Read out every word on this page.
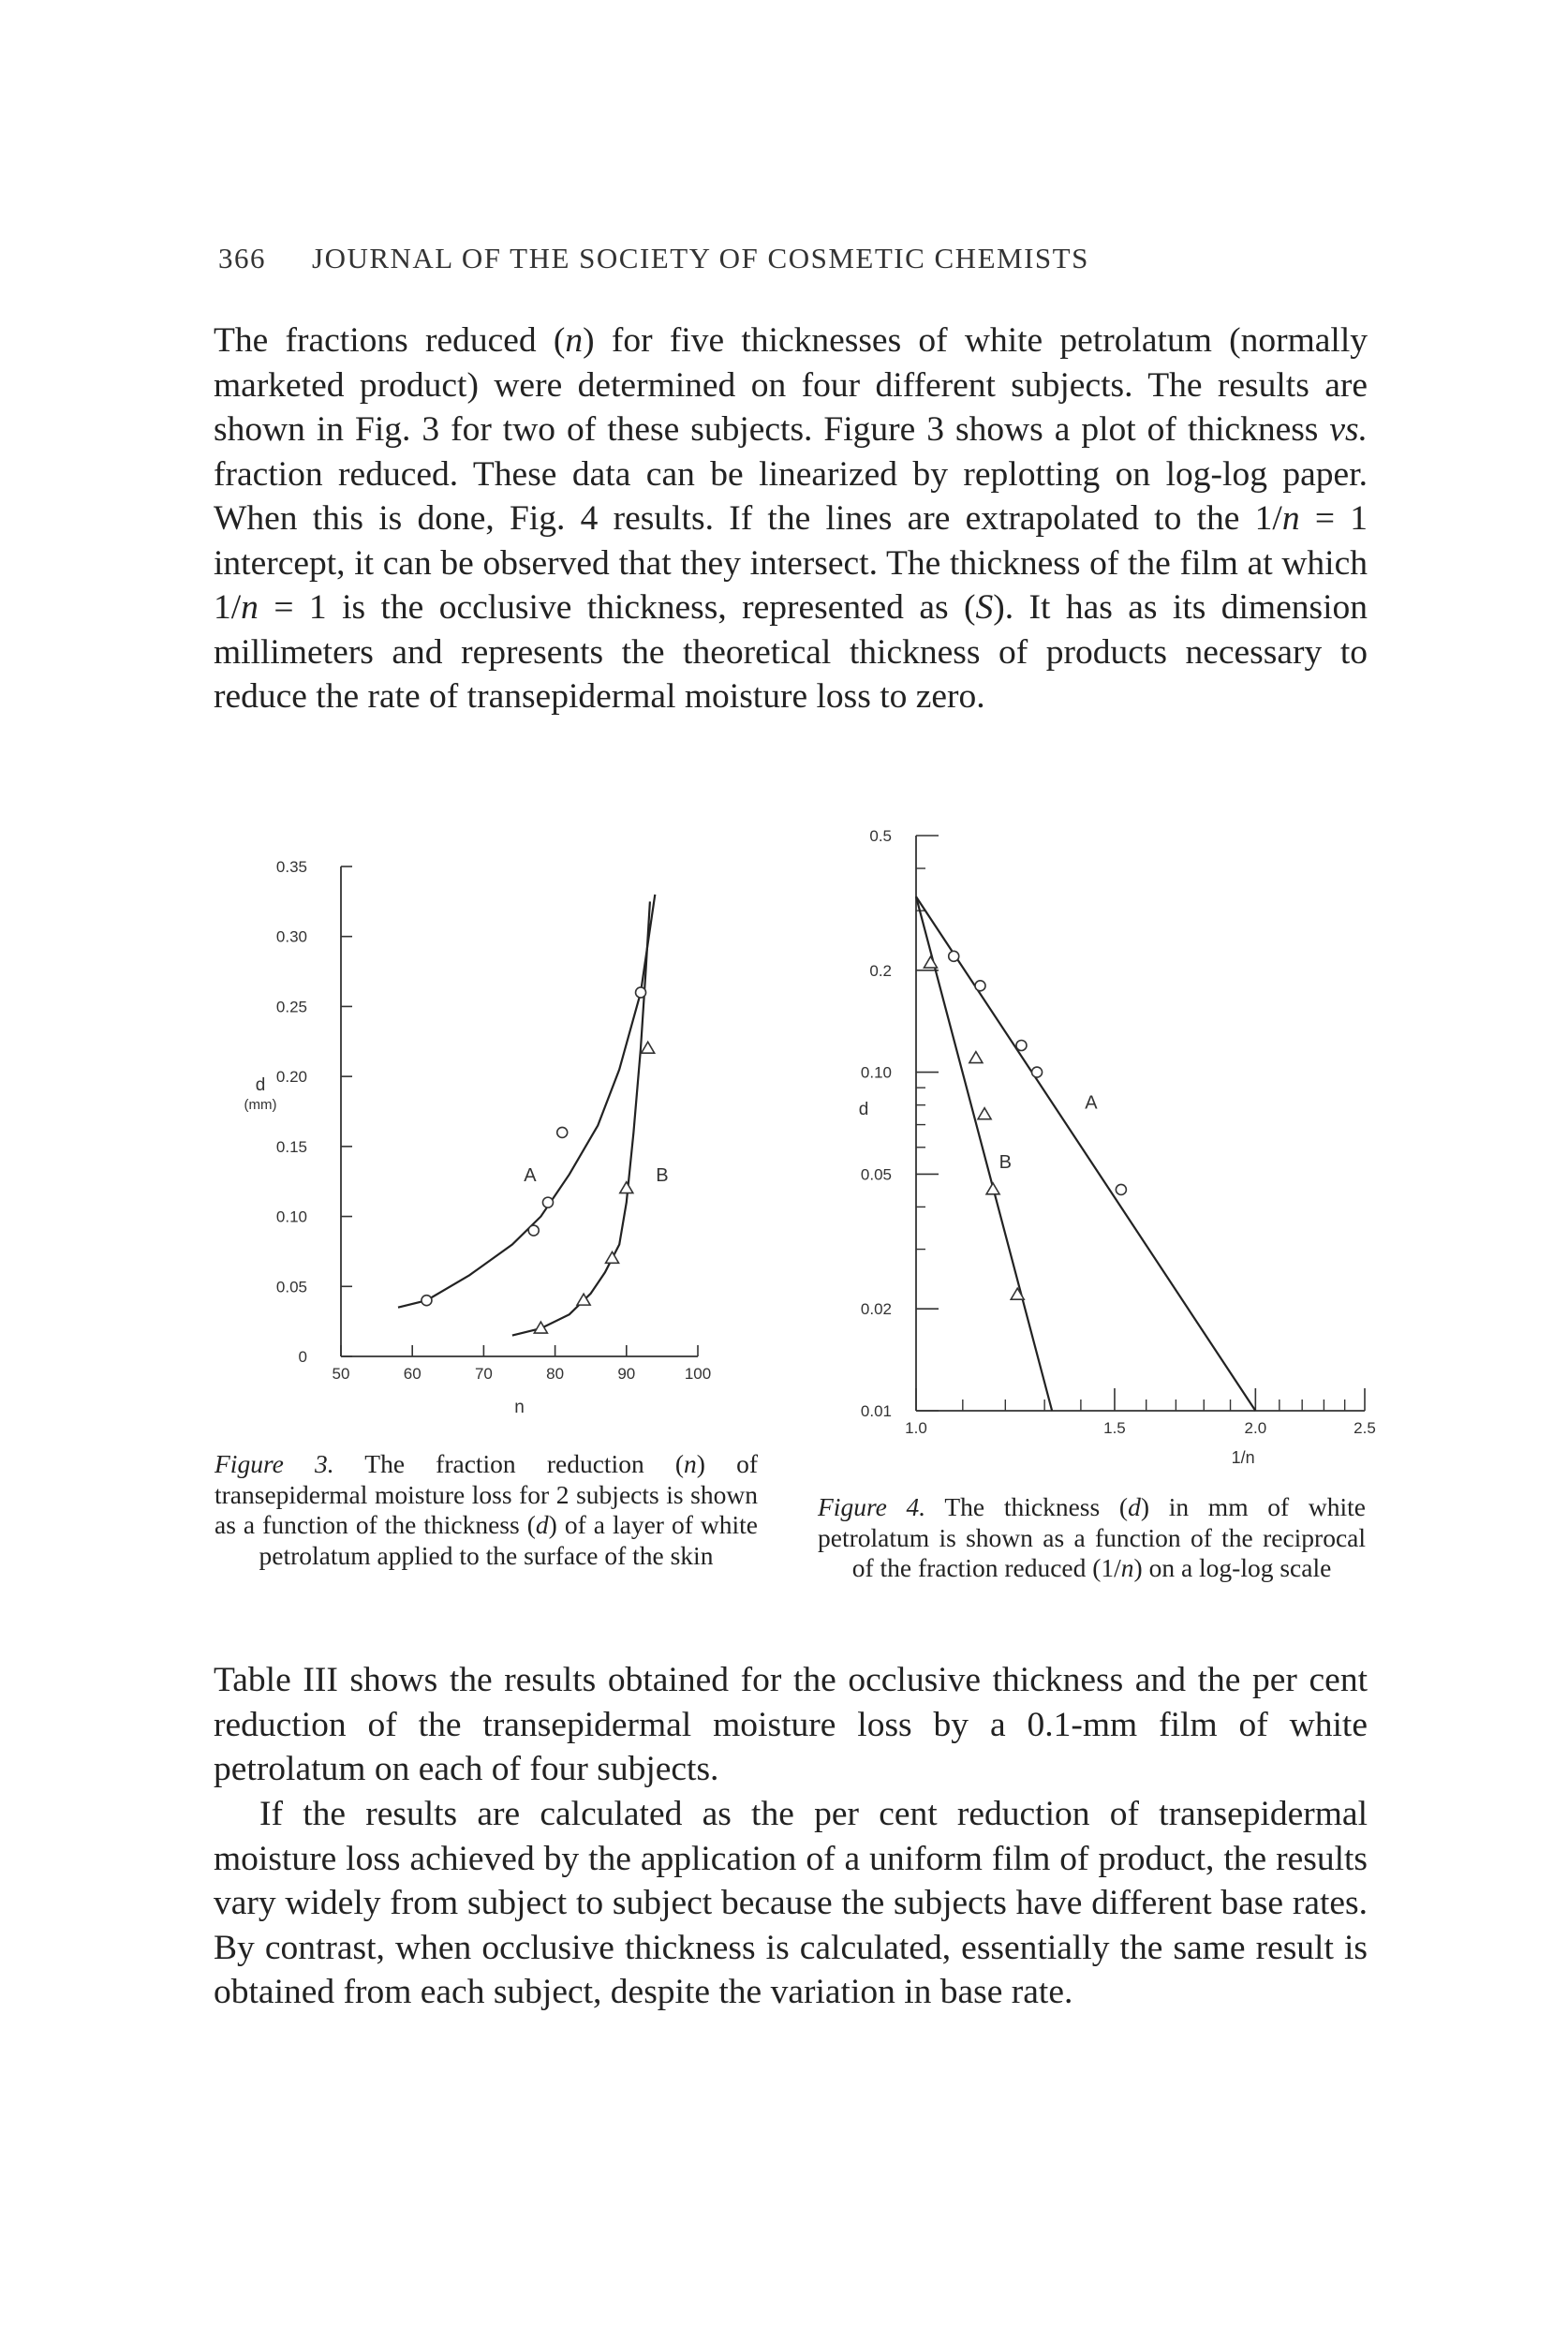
366 JOURNAL OF THE SOCIETY OF COSMETIC CHEMISTS

The fractions reduced (n) for five thicknesses of white petrolatum (normally marketed product) were determined on four different subjects. The results are shown in Fig. 3 for two of these subjects. Figure 3 shows a plot of thickness vs. fraction reduced. These data can be linearized by replotting on log-log paper. When this is done, Fig. 4 results. If the lines are extrapolated to the 1/n = 1 intercept, it can be observed that they intersect. The thickness of the film at which 1/n = 1 is the occlusive thickness, represented as (S). It has as its dimension millimeters and represents the theoretical thickness of products necessary to reduce the rate of transepidermal moisture loss to zero.

0
0.05
0.10
0.15
0.20
0.25
0.30
0.35
50	60	70	80	90	100
n
d
(mm)
A	B
0.01
0.02
0.05
0.10
0.2
0.5
1.0	1.5	2.0	2.5
1/n
d	A
B
Figure 3. The fraction reduction (n) of transepidermal moisture loss for 2 subjects is shown as a function of the thickness (d) of a layer of white petrolatum applied to the surface of the skin
Figure 4. The thickness (d) in mm of white petrolatum is shown as a function of the reciprocal of the fraction reduced (1/n) on a log-log scale

Table III shows the results obtained for the occlusive thickness and the per cent reduction of the transepidermal moisture loss by a 0.1-mm film of white petrolatum on each of four subjects.

If the results are calculated as the per cent reduction of transepidermal moisture loss achieved by the application of a uniform film of product, the results vary widely from subject to subject because the subjects have different base rates. By contrast, when occlusive thickness is calculated, essentially the same result is obtained from each subject, despite the variation in base rate.
